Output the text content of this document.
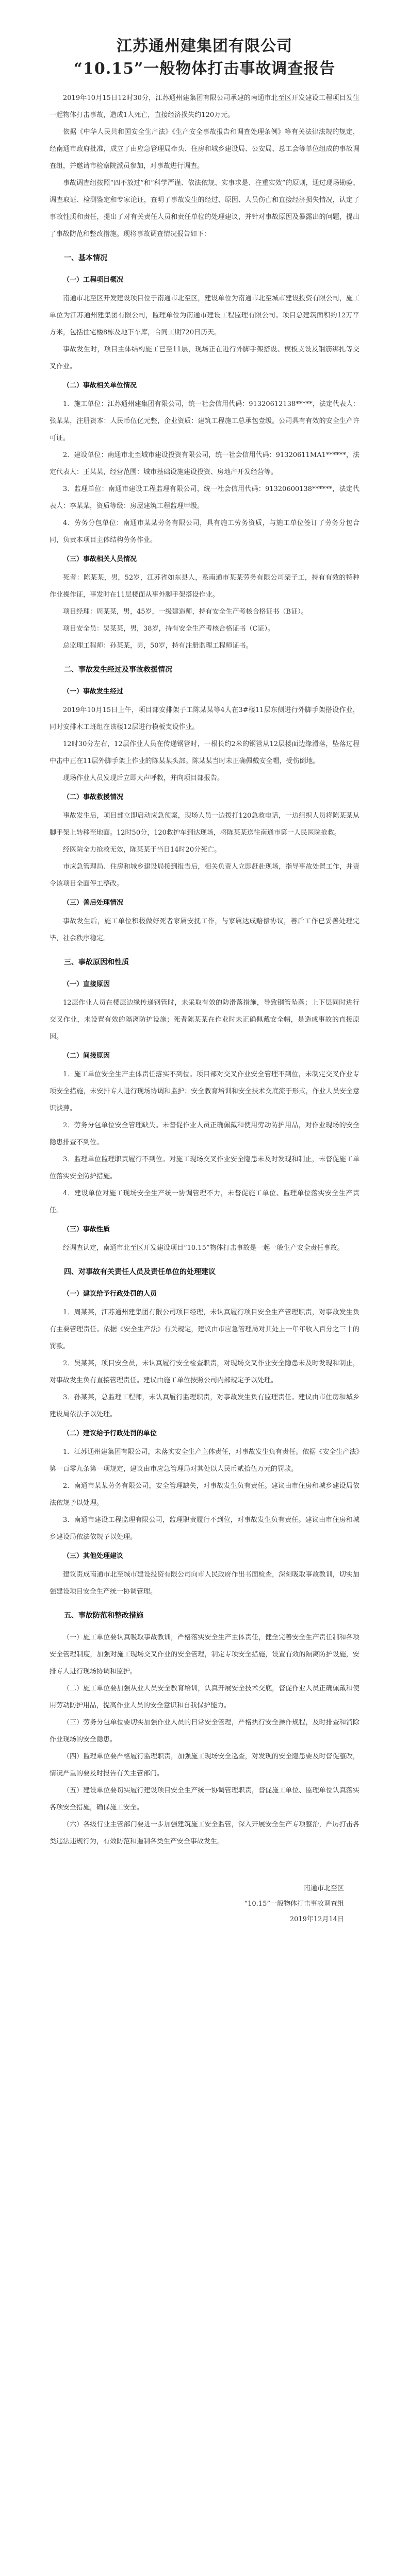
江苏通州建集团有限公司
“10.15”一般物体打击事故调查报告

2019年10月15日12时30分，江苏通州建集团有限公司承建的南通市北至区开发建设工程项目发生一起物体打击事故，造成1人死亡，直接经济损失约120万元。

依据《中华人民共和国安全生产法》《生产安全事故报告和调查处理条例》等有关法律法规的规定，经南通市政府批准，成立了由应急管理局牵头、住房和城乡建设局、公安局、总工会等单位组成的事故调查组，并邀请市检察院派员参加，对事故进行调查。

事故调查组按照“四不放过”和“科学严谨、依法依规、实事求是、注重实效”的原则，通过现场勘验、调查取证、检测鉴定和专家论证，查明了事故发生的经过、原因、人员伤亡和直接经济损失情况，认定了事故性质和责任，提出了对有关责任人员和责任单位的处理建议，并针对事故原因及暴露出的问题，提出了事故防范和整改措施。现将事故调查情况报告如下：

一、基本情况
（一）工程项目概况

南通市北至区开发建设项目位于南通市北至区，建设单位为南通市北至城市建设投资有限公司，施工单位为江苏通州建集团有限公司，监理单位为南通市建设工程监理有限公司。项目总建筑面积约12万平方米，包括住宅楼8栋及地下车库，合同工期720日历天。

事故发生时，项目主体结构施工已至11层，现场正在进行外脚手架搭设、模板支设及钢筋绑扎等交叉作业。

（二）事故相关单位情况

1．施工单位：江苏通州建集团有限公司，统一社会信用代码：91320612138*****，法定代表人：张某某，注册资本：人民币伍亿元整，企业资质：建筑工程施工总承包壹级。公司具有有效的安全生产许可证。

2．建设单位：南通市北至城市建设投资有限公司，统一社会信用代码：91320611MA1******，法定代表人：王某某，经营范围：城市基础设施建设投资、房地产开发经营等。

3．监理单位：南通市建设工程监理有限公司，统一社会信用代码：91320600138******，法定代表人：李某某，资质等级：房屋建筑工程监理甲级。

4．劳务分包单位：南通市某某劳务有限公司，具有施工劳务资质，与施工单位签订了劳务分包合同，负责本项目主体结构劳务作业。

（三）事故相关人员情况

死者：陈某某，男，52岁，江苏省如东县人，系南通市某某劳务有限公司架子工，持有有效的特种作业操作证，事发时在11层楼面从事外脚手架搭设作业。

项目经理：周某某，男，45岁，一级建造师，持有安全生产考核合格证书（B证）。

项目安全员：吴某某，男，38岁，持有安全生产考核合格证书（C证）。

总监理工程师：孙某某，男，50岁，持有注册监理工程师证书。

二、事故发生经过及事故救援情况
（一）事故发生经过

2019年10月15日上午，项目部安排架子工陈某某等4人在3#楼11层东侧进行外脚手架搭设作业，同时安排木工班组在该楼12层进行模板支设作业。

12时30分左右，12层作业人员在传递钢管时，一根长约2米的钢管从12层楼面边缘滑落，坠落过程中击中正在11层外脚手架上作业的陈某某头部。陈某某当时未正确佩戴安全帽，受伤倒地。

现场作业人员发现后立即大声呼救，并向项目部报告。

（二）事故救援情况

事故发生后，项目部立即启动应急预案，现场人员一边拨打120急救电话，一边组织人员将陈某某从脚手架上转移至地面。12时50分，120救护车到达现场，将陈某某送往南通市第一人民医院抢救。

经医院全力抢救无效，陈某某于当日14时20分死亡。

市应急管理局、住房和城乡建设局接到报告后，相关负责人立即赶赴现场，指导事故处置工作，并责令该项目全面停工整改。

（三）善后处理情况

事故发生后，施工单位积极做好死者家属安抚工作，与家属达成赔偿协议，善后工作已妥善处理完毕，社会秩序稳定。

三、事故原因和性质
（一）直接原因

12层作业人员在楼层边缘传递钢管时，未采取有效的防滑落措施，导致钢管坠落；上下层同时进行交叉作业，未设置有效的隔离防护设施；死者陈某某在作业时未正确佩戴安全帽，是造成事故的直接原因。

（二）间接原因

1．施工单位安全生产主体责任落实不到位。项目部对交叉作业安全管理不到位，未制定交叉作业专项安全措施，未安排专人进行现场协调和监护；安全教育培训和安全技术交底流于形式，作业人员安全意识淡薄。

2．劳务分包单位安全管理缺失。未督促作业人员正确佩戴和使用劳动防护用品，对作业现场的安全隐患排查不到位。

3．监理单位监理职责履行不到位。对施工现场交叉作业安全隐患未及时发现和制止，未督促施工单位落实安全防护措施。

4．建设单位对施工现场安全生产统一协调管理不力，未督促施工单位、监理单位落实安全生产责任。

（三）事故性质

经调查认定，南通市北至区开发建设项目“10.15”物体打击事故是一起一般生产安全责任事故。

四、对事故有关责任人员及责任单位的处理建议
（一）建议给予行政处罚的人员

1．周某某，江苏通州建集团有限公司项目经理，未认真履行项目安全生产管理职责，对事故发生负有主要管理责任。依据《安全生产法》有关规定，建议由市应急管理局对其处上一年年收入百分之三十的罚款。

2．吴某某，项目安全员，未认真履行安全检查职责，对现场交叉作业安全隐患未及时发现和制止，对事故发生负有直接管理责任。建议由施工单位按照公司内部规定予以处理。

3．孙某某，总监理工程师，未认真履行监理职责，对事故发生负有监理责任。建议由市住房和城乡建设局依法予以处理。

（二）建议给予行政处罚的单位

1．江苏通州建集团有限公司，未落实安全生产主体责任，对事故发生负有责任。依据《安全生产法》第一百零九条第一项规定，建议由市应急管理局对其处以人民币贰拾伍万元的罚款。

2．南通市某某劳务有限公司，安全管理缺失，对事故发生负有责任。建议由市住房和城乡建设局依法依规予以处理。

3．南通市建设工程监理有限公司，监理职责履行不到位，对事故发生负有责任。建议由市住房和城乡建设局依法依规予以处理。

（三）其他处理建议

建议责成南通市北至城市建设投资有限公司向市人民政府作出书面检查，深刻吸取事故教训，切实加强建设项目安全生产统一协调管理。

五、事故防范和整改措施

（一）施工单位要认真吸取事故教训，严格落实安全生产主体责任，健全完善安全生产责任制和各项安全管理制度，加强对施工现场交叉作业的安全管理，制定专项安全措施，设置有效的隔离防护设施，安排专人进行现场协调和监护。

（二）施工单位要加强从业人员安全教育培训，认真开展安全技术交底，督促作业人员正确佩戴和使用劳动防护用品，提高作业人员的安全意识和自我保护能力。

（三）劳务分包单位要切实加强作业人员的日常安全管理，严格执行安全操作规程，及时排查和消除作业现场的安全隐患。

（四）监理单位要严格履行监理职责，加强施工现场安全巡查，对发现的安全隐患要及时督促整改，情况严重的要及时报告有关主管部门。

（五）建设单位要切实履行建设项目安全生产统一协调管理职责，督促施工单位、监理单位认真落实各项安全措施，确保施工安全。

（六）各级行业主管部门要进一步加强建筑施工安全监管，深入开展安全生产专项整治，严厉打击各类违法违规行为，有效防范和遏制各类生产安全事故发生。

南通市北至区
“10.15”一般物体打击事故调查组
2019年12月14日
